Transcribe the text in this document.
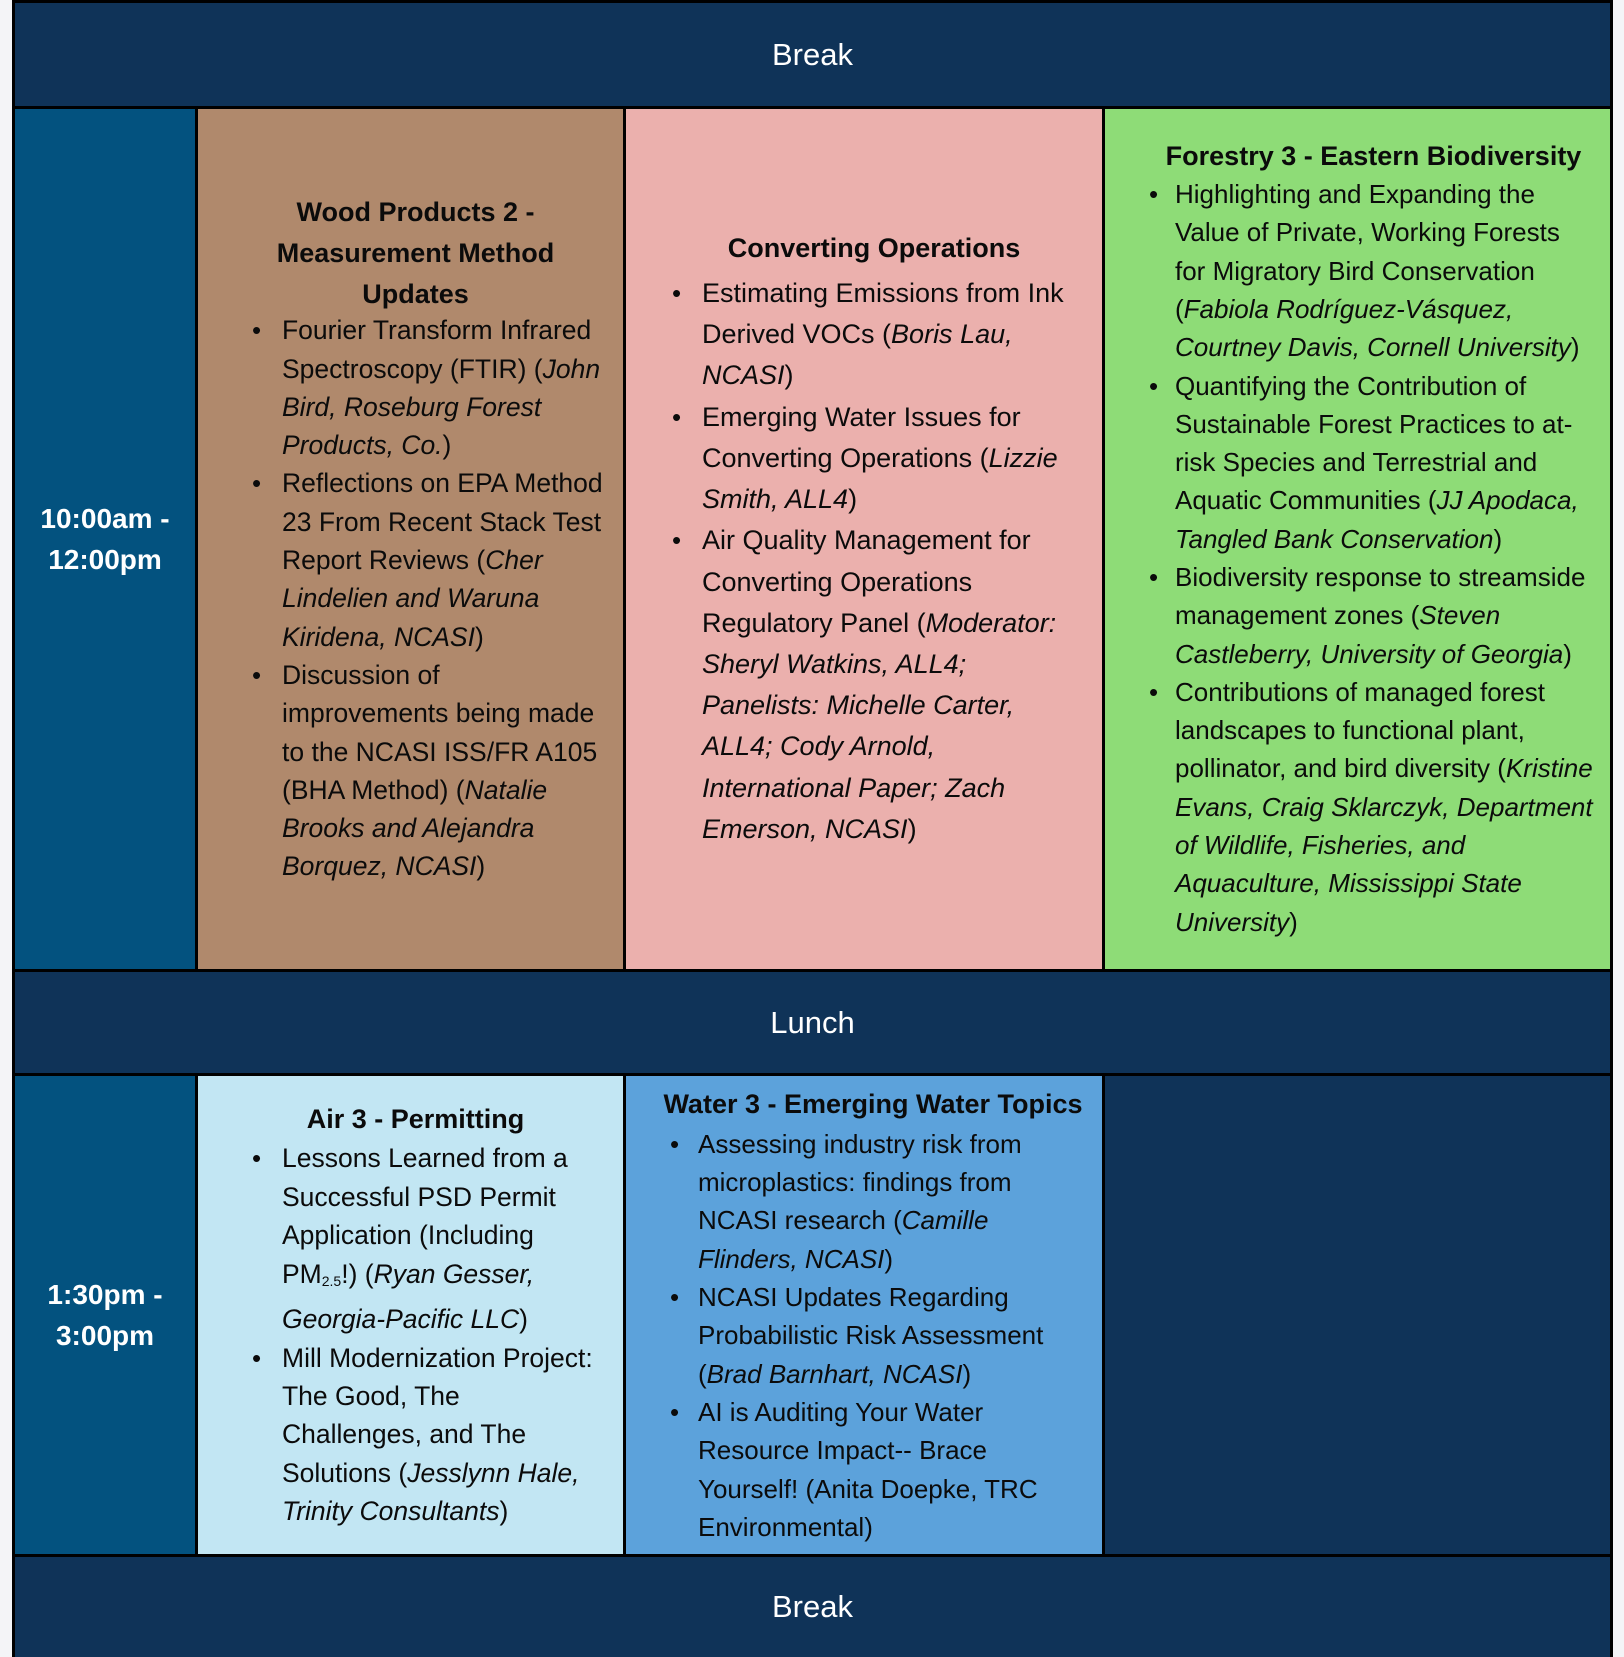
Break
10:00am - 12:00pm
Wood Products 2 -
Measurement Method
Updates
• Fourier Transform Infrared Spectroscopy (FTIR) (John Bird, Roseburg Forest Products, Co.)
• Reflections on EPA Method 23 From Recent Stack Test Report Reviews (Cher Lindelien and Waruna Kiridena, NCASI)
• Discussion of improvements being made to the NCASI ISS/FR A105 (BHA Method) (Natalie Brooks and Alejandra Borquez, NCASI)
Converting Operations
• Estimating Emissions from Ink Derived VOCs (Boris Lau, NCASI)
• Emerging Water Issues for Converting Operations (Lizzie Smith, ALL4)
• Air Quality Management for Converting Operations Regulatory Panel (Moderator: Sheryl Watkins, ALL4; Panelists: Michelle Carter, ALL4; Cody Arnold, International Paper; Zach Emerson, NCASI)
Forestry 3 - Eastern Biodiversity
• Highlighting and Expanding the Value of Private, Working Forests for Migratory Bird Conservation (Fabiola Rodríguez-Vásquez, Courtney Davis, Cornell University)
• Quantifying the Contribution of Sustainable Forest Practices to at-risk Species and Terrestrial and Aquatic Communities (JJ Apodaca, Tangled Bank Conservation)
• Biodiversity response to streamside management zones (Steven Castleberry, University of Georgia)
• Contributions of managed forest landscapes to functional plant, pollinator, and bird diversity (Kristine Evans, Craig Sklarczyk, Department of Wildlife, Fisheries, and Aquaculture, Mississippi State University)
Lunch
1:30pm - 3:00pm
Air 3 - Permitting
• Lessons Learned from a Successful PSD Permit Application (Including $PM_{2.5}$!) (Ryan Gesser, Georgia-Pacific LLC)
• Mill Modernization Project: The Good, The Challenges, and The Solutions (Jesslynn Hale, Trinity Consultants)
Water 3 - Emerging Water Topics
• Assessing industry risk from microplastics: findings from NCASI research (Camille Flinders, NCASI)
• NCASI Updates Regarding Probabilistic Risk Assessment (Brad Barnhart, NCASI)
• AI is Auditing Your Water Resource Impact-- Brace Yourself! (Anita Doepke, TRC Environmental)
Break
